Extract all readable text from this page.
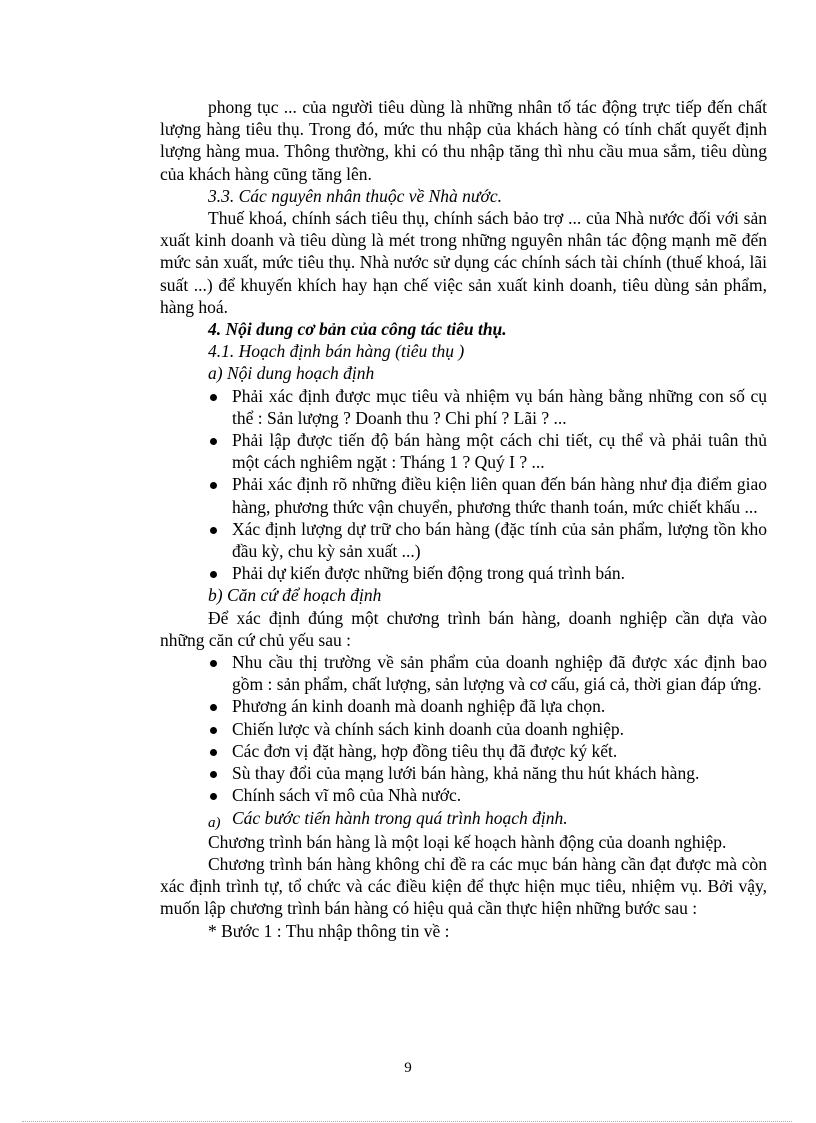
phong tục ... của người tiêu dùng là những nhân tố tác động trực tiếp đến chất lượng hàng tiêu thụ. Trong đó, mức thu nhập của khách hàng có tính chất quyết định lượng hàng mua. Thông thường, khi có thu nhập tăng thì nhu cầu mua sắm, tiêu dùng của khách hàng cũng tăng lên.

3.3. Các nguyên nhân thuộc về Nhà nước.

Thuế khoá, chính sách tiêu thụ, chính sách bảo trợ ... của Nhà nước đối với sản xuất kinh doanh và tiêu dùng là mét trong những nguyên nhân tác động mạnh mẽ đến mức sản xuất, mức tiêu thụ. Nhà nước sử dụng các chính sách tài chính (thuế khoá, lãi suất ...) để khuyến khích hay hạn chế việc sản xuất kinh doanh, tiêu dùng sản phẩm, hàng hoá.

4. Nội dung cơ bản của công tác tiêu thụ.

4.1. Hoạch định bán hàng (tiêu thụ )

a) Nội dung hoạch định

Phải xác định được mục tiêu và nhiệm vụ bán hàng bằng những con số cụ thể : Sản lượng ? Doanh thu ? Chi phí ? Lãi ? ...
Phải lập được tiến độ bán hàng một cách chi tiết, cụ thể và phải tuân thủ một cách nghiêm ngặt : Tháng 1 ? Quý I ? ...
Phải xác định rõ những điều kiện liên quan đến bán hàng như địa điểm giao hàng, phương thức vận chuyển, phương thức thanh toán, mức chiết khấu ...
Xác định lượng dự trữ cho bán hàng (đặc tính của sản phẩm, lượng tồn kho đầu kỳ, chu kỳ sản xuất ...)
Phải dự kiến được những biến động trong quá trình bán.

b) Căn cứ để hoạch định

Để xác định đúng một chương trình bán hàng, doanh nghiệp cần dựa vào những căn cứ chủ yếu sau :

Nhu cầu thị trường về sản phẩm của doanh nghiệp đã được xác định bao gồm : sản phẩm, chất lượng, sản lượng và cơ cấu, giá cả, thời gian đáp ứng.
Phương án kinh doanh mà doanh nghiệp đã lựa chọn.
Chiến lược và chính sách kinh doanh của doanh nghiệp.
Các đơn vị đặt hàng, hợp đồng tiêu thụ đã được ký kết.
Sù thay đổi của mạng lưới bán hàng, khả năng thu hút khách hàng.
Chính sách vĩ mô của Nhà nước.

a) Các bước tiến hành trong quá trình hoạch định.

Chương trình bán hàng là một loại kế hoạch hành động của doanh nghiệp.

Chương trình bán hàng không chỉ đề ra các mục bán hàng cần đạt được mà còn xác định trình tự, tổ chức và các điều kiện để thực hiện mục tiêu, nhiệm vụ. Bởi vậy, muốn lập chương trình bán hàng có hiệu quả cần thực hiện những bước sau :

* Bước 1 : Thu nhập thông tin về :

9
